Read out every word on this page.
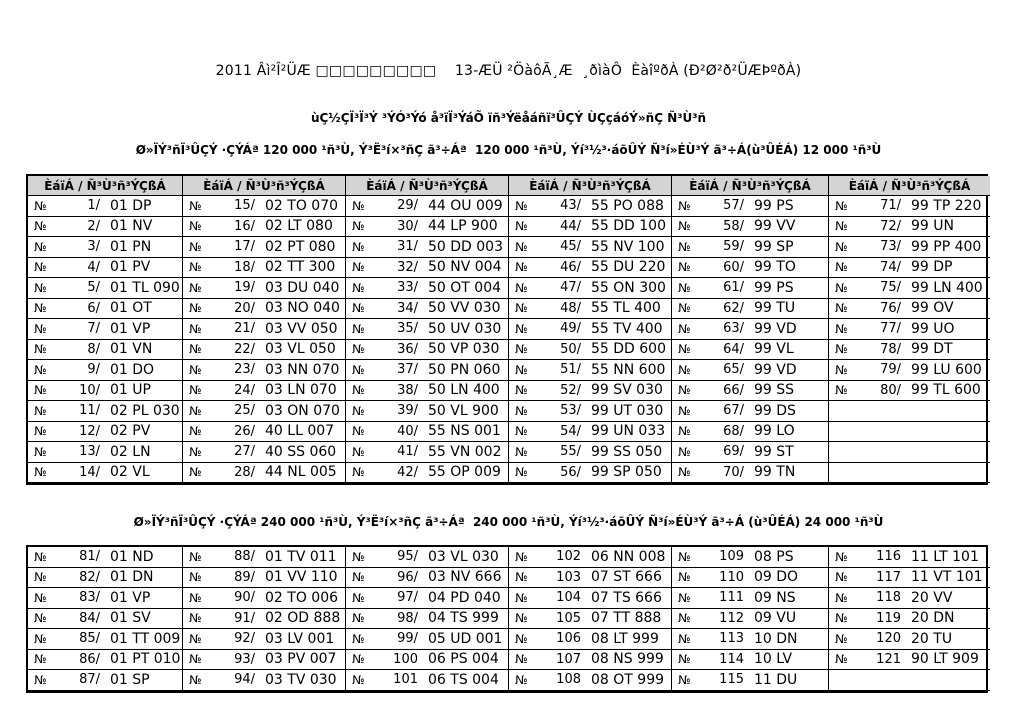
2011 Âì²Î²ÜÆ □□□□□□□□□    13-ÆÜ ²ÖàôÃ¸Æ  ¸ðìàÔ  ÈàîºðÀ (Ð²Ø²ð²ÜÆÞºðÀ)
ùÇ½ÇÏ³Ï³Ý ³ÝÓ³Ýó å³ïÏ³ÝáÕ ïñ³Ýëåáñï³ÛÇÝ ÙÇçáóÝ»ñÇ Ñ³Ù³ñ
Ø»ÏÝ³ñÏ³ÛÇÝ ·ÇÝÁª 120 000 ¹ñ³Ù, Ý³Ë³í×³ñÇ ã³÷Áª  120 000 ¹ñ³Ù, Ýí³½³·áõÛÝ Ñ³í»ÉÙ³Ý ã³÷Á(ù³ÛÉÁ) 12 000 ¹ñ³Ù
ÈáïÁ / Ñ³Ù³ñ³ÝÇßÁ	ÈáïÁ / Ñ³Ù³ñ³ÝÇßÁ	ÈáïÁ / Ñ³Ù³ñ³ÝÇßÁ	ÈáïÁ / Ñ³Ù³ñ³ÝÇßÁ	ÈáïÁ / Ñ³Ù³ñ³ÝÇßÁ	ÈáïÁ / Ñ³Ù³ñ³ÝÇßÁ
№	1/ 01 DP	№	15/ 02 TO 070	№	29/ 44 OU 009	№	43/ 55 PO 088	№	57/ 99 PS	№	71/ 99 TP 220
№	2/ 01 NV	№	16/ 02 LT 080	№	30/ 44 LP 900	№	44/ 55 DD 100	№	58/ 99 VV	№	72/ 99 UN
№	3/ 01 PN	№	17/ 02 PT 080	№	31/ 50 DD 003	№	45/ 55 NV 100	№	59/ 99 SP	№	73/ 99 PP 400
№	4/ 01 PV	№	18/ 02 TT 300	№	32/ 50 NV 004	№	46/ 55 DU 220	№	60/ 99 TO	№	74/ 99 DP
№	5/ 01 TL 090 №	19/ 03 DU 040	№	33/ 50 OT 004	№	47/ 55 ON 300	№	61/ 99 PS	№	75/ 99 LN 400
№	6/ 01 OT	№	20/ 03 NO 040	№	34/ 50 VV 030	№	48/ 55 TL 400	№	62/ 99 TU	№	76/ 99 OV
№	7/ 01 VP	№	21/ 03 VV 050	№	35/ 50 UV 030	№	49/ 55 TV 400	№	63/ 99 VD	№	77/ 99 UO
№	8/ 01 VN	№	22/ 03 VL 050	№	36/ 50 VP 030	№	50/ 55 DD 600	№	64/ 99 VL	№	78/ 99 DT
№	9/ 01 DO	№	23/ 03 NN 070	№	37/ 50 PN 060	№	51/ 55 NN 600	№	65/ 99 VD	№	79/ 99 LU 600
№	10/ 01 UP	№	24/ 03 LN 070	№	38/ 50 LN 400	№	52/ 99 SV 030	№	66/ 99 SS	№	80/ 99 TL 600
№	11/ 02 PL 030 №	25/ 03 ON 070	№	39/ 50 VL 900	№	53/ 99 UT 030	№	67/ 99 DS
№	12/ 02 PV	№	26/ 40 LL 007	№	40/ 55 NS 001	№	54/ 99 UN 033	№	68/ 99 LO
№	13/ 02 LN	№	27/ 40 SS 060	№	41/ 55 VN 002	№	55/ 99 SS 050	№	69/ 99 ST
№	14/ 02 VL	№	28/ 44 NL 005	№	42/ 55 OP 009	№	56/ 99 SP 050	№	70/ 99 TN
Ø»ÏÝ³ñÏ³ÛÇÝ ·ÇÝÁª 240 000 ¹ñ³Ù, Ý³Ë³í×³ñÇ ã³÷Áª  240 000 ¹ñ³Ù, Ýí³½³·áõÛÝ Ñ³í»ÉÙ³Ý ã³÷Á (ù³ÛÉÁ) 24 000 ¹ñ³Ù
№	81/ 01 ND	№	88/ 01 TV 011	№	95/ 03 VL 030	№	102 06 NN 008	№	109 08 PS	№	116 11 LT 101
№	82/ 01 DN	№	89/ 01 VV 110	№	96/ 03 NV 666	№	103 07 ST 666	№	110 09 DO	№	117 11 VT 101
№	83/ 01 VP	№	90/ 02 TO 006	№	97/ 04 PD 040	№	104 07 TS 666	№	111 09 NS	№	118 20 VV
№	84/ 01 SV	№	91/ 02 OD 888 №	98/ 04 TS 999	№	105 07 TT 888	№	112 09 VU	№	119 20 DN
№	85/ 01 TT 009 №	92/ 03 LV 001	№	99/ 05 UD 001	№	106 08 LT 999	№	113 10 DN	№	120 20 TU
№	86/ 01 PT 010 №	93/ 03 PV 007	№	100 06 PS 004	№	107 08 NS 999	№	114 10 LV	№	121 90 LT 909
№	87/ 01 SP	№	94/ 03 TV 030	№	101 06 TS 004	№	108 08 OT 999	№	115 11 DU
